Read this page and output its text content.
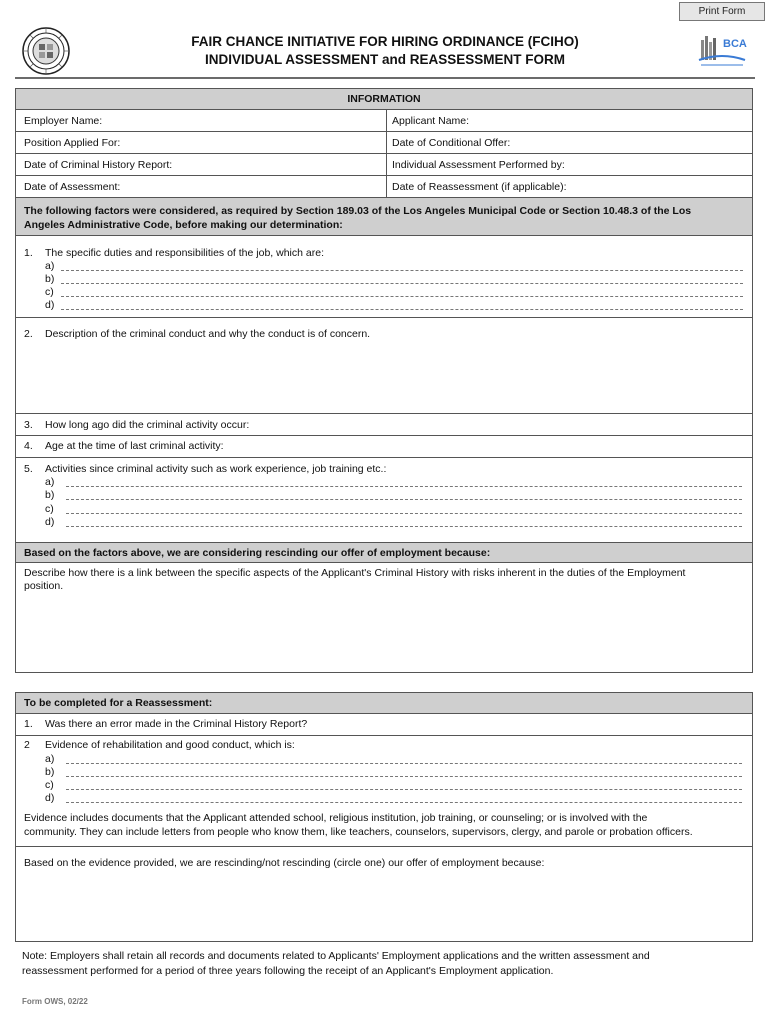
Print Form
BCA
FAIR CHANCE INITIATIVE FOR HIRING ORDINANCE (FCIHO)
INDIVIDUAL ASSESSMENT and REASSESSMENT FORM
INFORMATION
Employer Name:	Applicant Name:
Position Applied For:	Date of Conditional Offer:
Date of Criminal History Report:	Individual Assessment Performed by:
Date of Assessment:	Date of Reassessment (if applicable):
The following factors were considered, as required by Section 189.03 of the Los Angeles Municipal Code or Section 10.48.3 of the Los
Angeles Administrative Code, before making our determination:
1. The specific duties and responsibilities of the job, which are:
a)
b)
c)
d)
2. Description of the criminal conduct and why the conduct is of concern.
3. How long ago did the criminal activity occur:
4. Age at the time of last criminal activity:
5. Activities since criminal activity such as work experience, job training etc.:
a)
b)
c)
d)
Based on the factors above, we are considering rescinding our offer of employment because:
Describe how there is a link between the specific aspects of the Applicant's Criminal History with risks inherent in the duties of the Employment
position.
To be completed for a Reassessment:
1. Was there an error made in the Criminal History Report?
2 Evidence of rehabilitation and good conduct, which is:
a)
b)
c)
d)
Evidence includes documents that the Applicant attended school, religious institution, job training, or counseling; or is involved with the
community. They can include letters from people who know them, like teachers, counselors, supervisors, clergy, and parole or probation officers.
Based on the evidence provided, we are rescinding/not rescinding (circle one) our offer of employment because:
Note: Employers shall retain all records and documents related to Applicants' Employment applications and the written assessment and
reassessment performed for a period of three years following the receipt of an Applicant's Employment application.
Form OWS, 02/22
